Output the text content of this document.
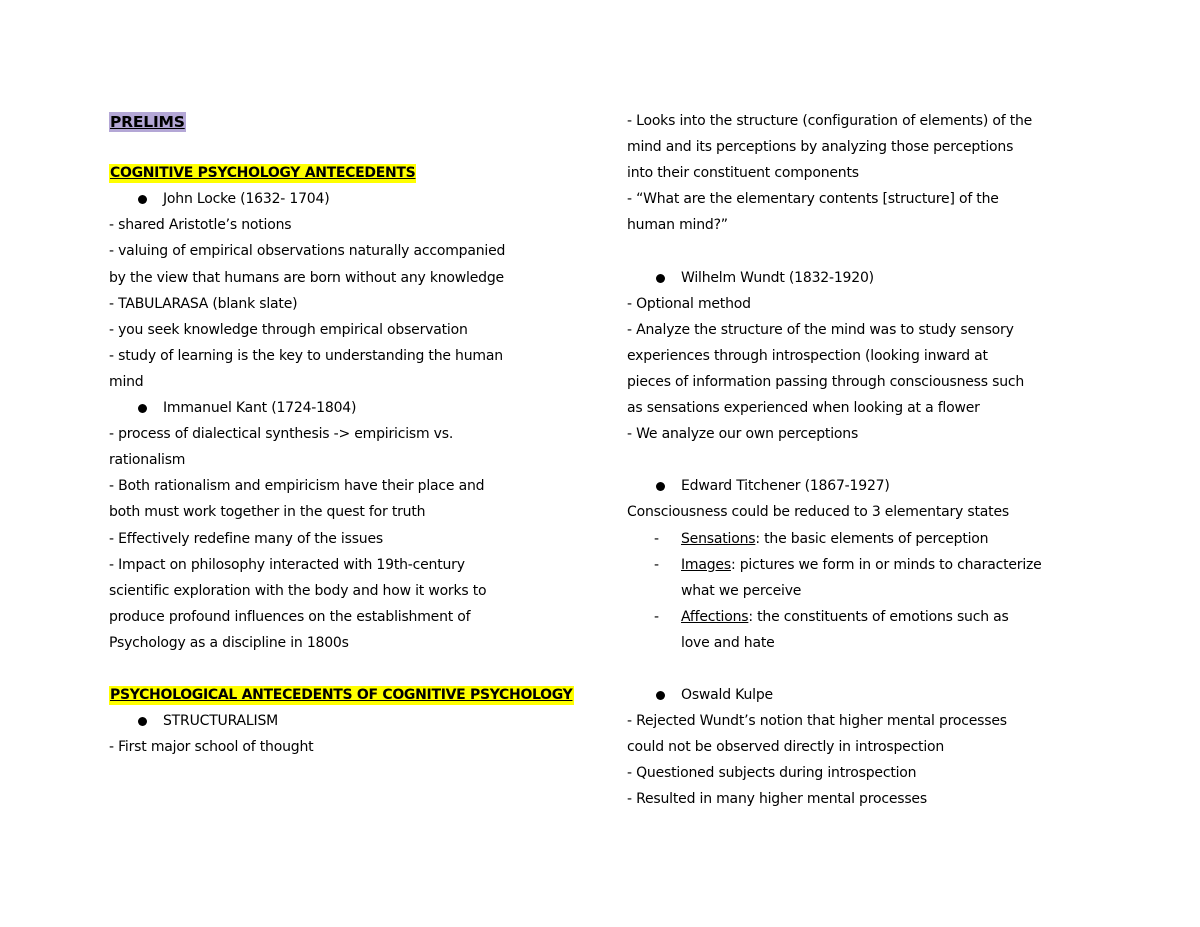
PRELIMS
COGNITIVE PSYCHOLOGY ANTECEDENTS
John Locke (1632- 1704)
- shared Aristotle’s notions
- valuing of empirical observations naturally accompanied
by the view that humans are born without any knowledge
- TABULARASA (blank slate)
- you seek knowledge through empirical observation
- study of learning is the key to understanding the human
mind
Immanuel Kant (1724-1804)
- process of dialectical synthesis -> empiricism vs.
rationalism
- Both rationalism and empiricism have their place and
both must work together in the quest for truth
- Effectively redefine many of the issues
- Impact on philosophy interacted with 19th-century
scientific exploration with the body and how it works to
produce profound influences on the establishment of
Psychology as a discipline in 1800s
PSYCHOLOGICAL ANTECEDENTS OF COGNITIVE PSYCHOLOGY
STRUCTURALISM
- First major school of thought
- Looks into the structure (configuration of elements) of the
mind and its perceptions by analyzing those perceptions
into their constituent components
- “What are the elementary contents [structure] of the
human mind?”
Wilhelm Wundt (1832-1920)
- Optional method
- Analyze the structure of the mind was to study sensory
experiences through introspection (looking inward at
pieces of information passing through consciousness such
as sensations experienced when looking at a flower
- We analyze our own perceptions
Edward Titchener (1867-1927)
Consciousness could be reduced to 3 elementary states
- Sensations: the basic elements of perception
- Images: pictures we form in or minds to characterize
what we perceive
- Affections: the constituents of emotions such as
love and hate
Oswald Kulpe
- Rejected Wundt’s notion that higher mental processes
could not be observed directly in introspection
- Questioned subjects during introspection
- Resulted in many higher mental processes
